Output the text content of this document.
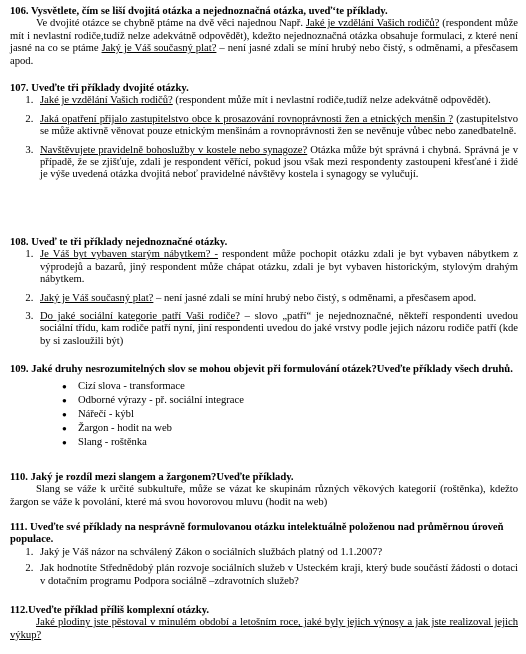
106. Vysvětlete, čím se liší dvojitá otázka a nejednoznačná otázka, uveď‘te příklady.
Ve dvojité otázce se chybně ptáme na dvě věci najednou Např. Jaké je vzdělání Vašich rodičů? (respondent může mít i nevlastní rodiče,tudíž nelze adekvátně odpovědět), kdežto nejednoznačná otázka obsahuje formulaci, z které není jasné na co se ptáme Jaký je Váš současný plat? – není jasné zdali se míní hrubý nebo čistý, s odměnami, a přesčasem apod.
107. Uveďte tři příklady dvojité otázky.
1. Jaké je vzdělání Vašich rodičů? (respondent může mít i nevlastní rodiče,tudíž nelze adekvátně odpovědět).
2. Jaká opatření přijalo zastupitelstvo obce k prosazování rovnoprávnosti žen a etnických menšin ? (zastupitelstvo se může aktivně věnovat pouze etnickým menšinám a rovnoprávnosti žen se nevěnuje vůbec nebo zanedbatelně.
3. Navštěvujete pravidelně bohoslužby v kostele nebo synagoze? Otázka může být správná i chybná. Správná je v případě, že se zjišťuje, zdali je respondent věřící, pokud jsou však mezi respondenty zastoupeni křesťané i židé je výše uvedená otázka dvojitá neboť pravidelné návštěvy kostela i synagogy se vylučují.
108. Uveď te tři příklady nejednoznačné otázky.
1. Je Váš byt vybaven starým nábytkem? - respondent může pochopit otázku zdali je byt vybaven nábytkem z výprodejů a bazarů, jiný respondent může chápat otázku, zdali je byt vybaven historickým, stylovým drahým nábytkem.
2. Jaký je Váš současný plat? – není jasné zdali se míní hrubý nebo čistý, s odměnami, a přesčasem apod.
3. Do jaké sociální kategorie patří Vaši rodiče? – slovo „patří“ je nejednoznačné, někteří respondenti uvedou sociální třídu, kam rodiče patří nyní, jiní respondenti uvedou do jaké vrstvy podle jejich názoru rodiče patří (kde by si zasloužili být)
109. Jaké druhy nesrozumitelných slov se mohou objevit při formulování otázek?Uveďte příklady všech druhů.
● Cizí slova - transformace
● Odborné výrazy - př. sociální integrace
● Nářečí - kýbl
● Žargon - hodit na web
● Slang - roštěnka
110. Jaký je rozdíl mezi slangem a žargonem?Uveďte příklady.
Slang se váže k určité subkultuře, může se vázat ke skupinám různých věkových kategorií (roštěnka), kdežto žargon se váže k povolání, které má svou hovorovou mluvu (hodit na web)
111. Uveďte své příklady na nesprávně formulovanou otázku intelektuálně položenou nad průměrnou úroveň populace.
1. Jaký je Váš názor na schválený Zákon o sociálních službách platný od 1.1.2007?
2. Jak hodnotíte Střednědobý plán rozvoje sociálních služeb v Usteckém kraji, který bude součástí žádosti o dotaci v dotačním programu Podpora sociálně –zdravotních služeb?
112.Uveďte příklad příliš komplexní otázky.
Jaké plodiny jste pěstoval v minulém období a letošním roce, jaké byly jejich výnosy a jak jste realizoval jejich výkup?
